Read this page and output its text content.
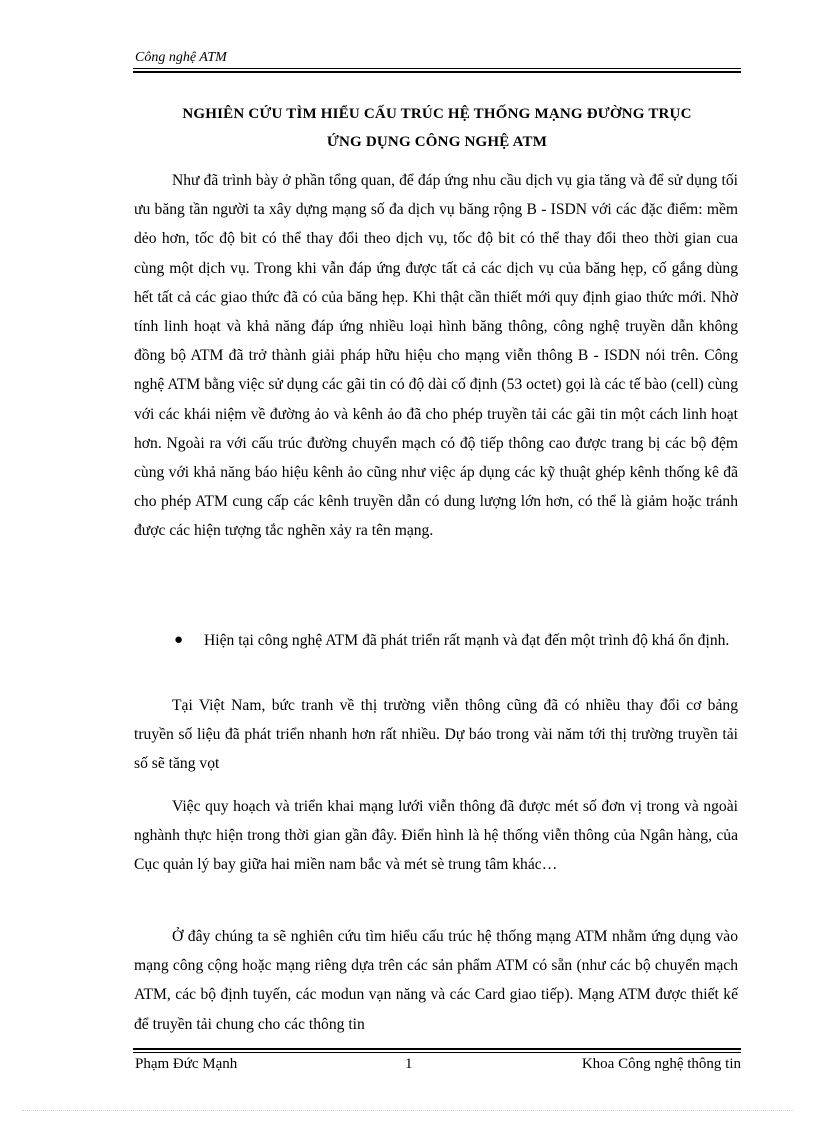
Công nghệ ATM
NGHIÊN CỨU TÌM HIỂU CẤU TRÚC HỆ THỐNG MẠNG ĐƯỜNG TRỤC
ỨNG DỤNG CÔNG NGHỆ ATM

Như đã trình bày ở phần tổng quan, để đáp ứng nhu cầu dịch vụ gia tăng và để sử dụng tối ưu băng tần người ta xây dựng mạng số đa dịch vụ băng rộng B - ISDN với các đặc điểm: mềm dẻo hơn, tốc độ bit có thể thay đổi theo dịch vụ, tốc độ bit có thể thay đổi theo thời gian cua cùng một dịch vụ. Trong khi vẫn đáp ứng được tất cả các dịch vụ của băng hẹp, cố gắng dùng hết tất cả các giao thức đã có của băng hẹp. Khi thật cần thiết mới quy định giao thức mới. Nhờ tính linh hoạt và khả năng đáp ứng nhiều loại hình băng thông, công nghệ truyền dẫn không đồng bộ ATM đã trở thành giải pháp hữu hiệu cho mạng viễn thông B - ISDN nói trên. Công nghệ ATM bằng việc sử dụng các gãi tin có độ dài cố định (53 octet) gọi là các tế bào (cell) cùng với các khái niệm về đường ảo và kênh ảo đã cho phép truyền tải các gãi tin một cách linh hoạt hơn. Ngoài ra với cấu trúc đường chuyển mạch có độ tiếp thông cao được trang bị các bộ đệm cùng với khả năng báo hiệu kênh ảo cũng như việc áp dụng các kỹ thuật ghép kênh thống kê đã cho phép ATM cung cấp các kênh truyền dẫn có dung lượng lớn hơn, có thể là giảm hoặc tránh được các hiện tượng tắc nghẽn xảy ra tên mạng.

● Hiện tại công nghệ ATM đã phát triển rất mạnh và đạt đến một trình độ khá ổn định.

Tại Việt Nam, bức tranh về thị trường viễn thông cũng đã có nhiều thay đổi cơ bảng truyền số liệu đã phát triển nhanh hơn rất nhiều. Dự báo trong vài năm tới thị trường truyền tải số sẽ tăng vọt

Việc quy hoạch và triển khai mạng lưới viễn thông đã được mét số đơn vị trong và ngoài nghành thực hiện trong thời gian gần đây. Điển hình là hệ thống viễn thông của Ngân hàng, của Cục quản lý bay giữa hai miền nam bắc và mét sè trung tâm khác…

Ở đây chúng ta sẽ nghiên cứu tìm hiểu cấu trúc hệ thống mạng ATM nhằm ứng dụng vào mạng công cộng hoặc mạng riêng dựa trên các sản phẩm ATM có sẵn (như các bộ chuyển mạch ATM, các bộ định tuyến, các modun vạn năng và các Card giao tiếp). Mạng ATM được thiết kế để truyền tải chung cho các thông tin

Phạm Đức Mạnh	1	Khoa Công nghệ thông tin
